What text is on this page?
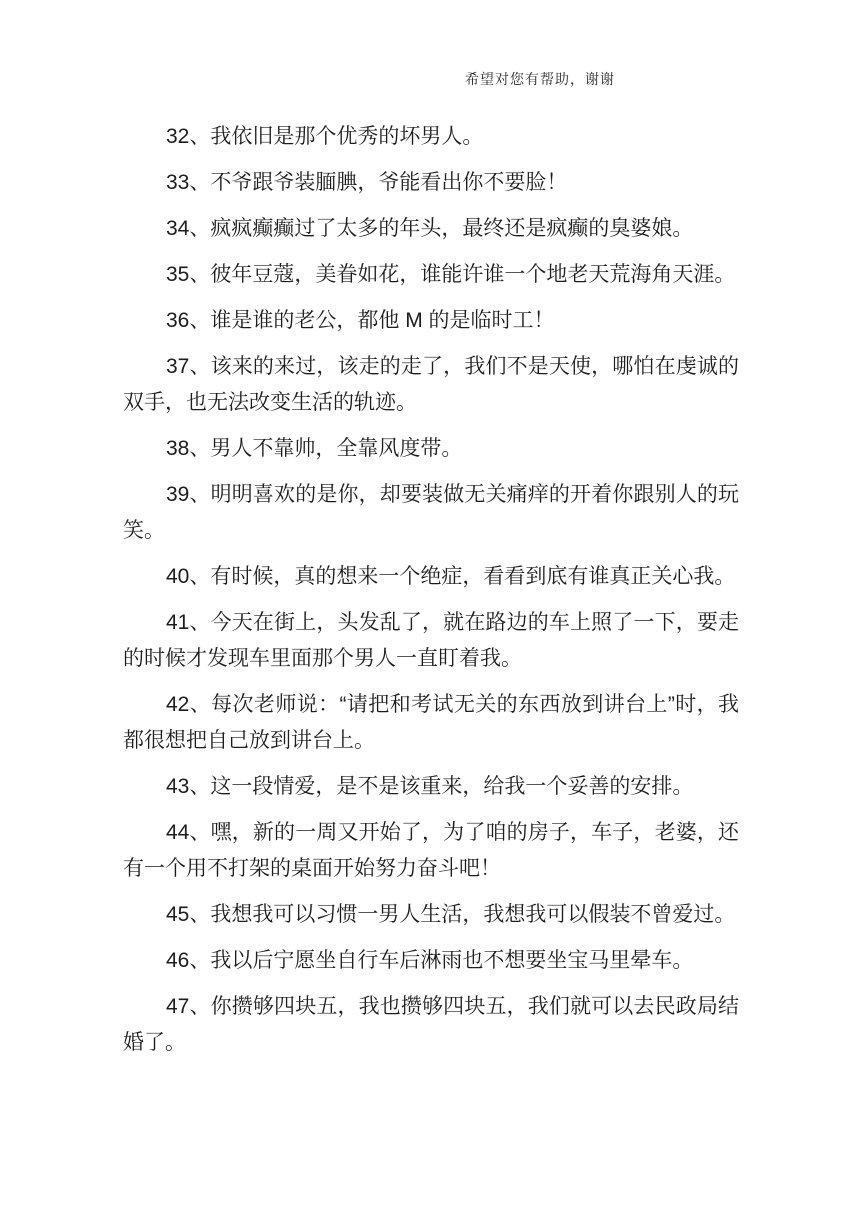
希望对您有帮助，谢谢

32、我依旧是那个优秀的坏男人。

33、不爷跟爷装腼腆，爷能看出你不要脸！

34、疯疯癫癫过了太多的年头，最终还是疯癫的臭婆娘。

35、彼年豆蔻，美眷如花，谁能许谁一个地老天荒海角天涯。

36、谁是谁的老公，都他 M 的是临时工！

37、该来的来过，该走的走了，我们不是天使，哪怕在虔诚的双手，也无法改变生活的轨迹。

38、男人不靠帅，全靠风度带。

39、明明喜欢的是你，却要装做无关痛痒的开着你跟别人的玩笑。

40、有时候，真的想来一个绝症，看看到底有谁真正关心我。

41、今天在街上，头发乱了，就在路边的车上照了一下，要走的时候才发现车里面那个男人一直盯着我。

42、每次老师说：“请把和考试无关的东西放到讲台上”时，我都很想把自己放到讲台上。

43、这一段情爱，是不是该重来，给我一个妥善的安排。

44、嘿，新的一周又开始了，为了咱的房子，车子，老婆，还有一个用不打架的桌面开始努力奋斗吧！

45、我想我可以习惯一男人生活，我想我可以假装不曾爱过。

46、我以后宁愿坐自行车后淋雨也不想要坐宝马里晕车。

47、你攒够四块五，我也攒够四块五，我们就可以去民政局结婚了。
